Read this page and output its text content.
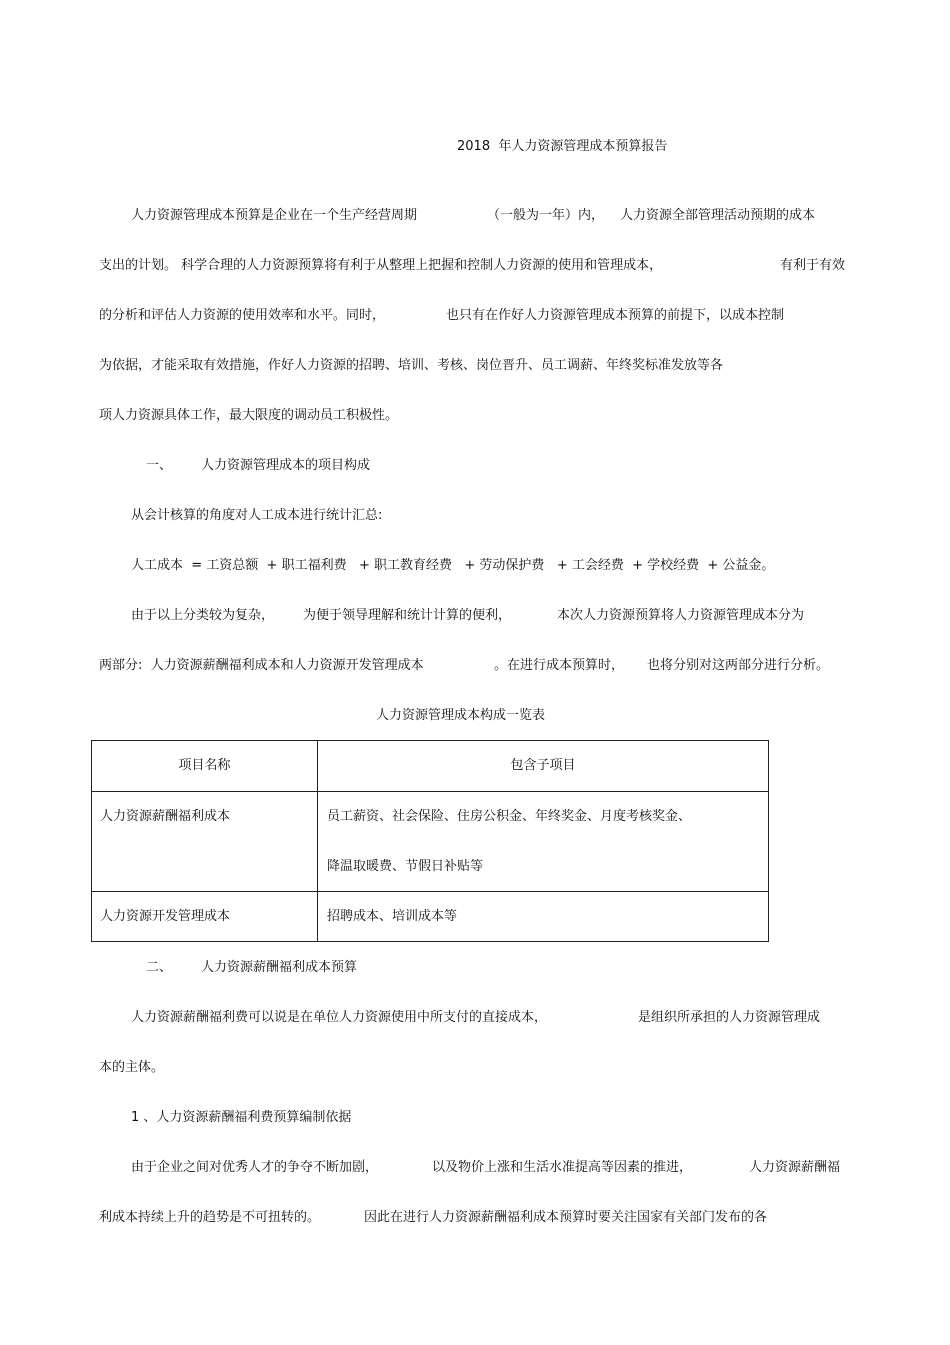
2018  年人力资源管理成本预算报告
人力资源管理成本预算是企业在一个生产经营周期	（一般为一年）内， 人力资源全部管理活动预期的成本
支出的计划。 科学合理的人力资源预算将有利于从整理上把握和控制人力资源的使用和管理成本，	有利于有效
的分析和评估人力资源的使用效率和水平。同时，	也只有在作好人力资源管理成本预算的前提下，以成本控制
为依据，才能采取有效措施，作好人力资源的招聘、培训、考核、岗位晋升、员工调薪、年终奖标准发放等各
项人力资源具体工作，最大限度的调动员工积极性。
一、 人力资源管理成本的项目构成
从会计核算的角度对人工成本进行统计汇总:
人工成本  = 工资总额  + 职工福利费   + 职工教育经费   + 劳动保护费   + 工会经费  + 学校经费  + 公益金。
由于以上分类较为复杂， 为便于领导理解和统计计算的便利，	本次人力资源预算将人力资源管理成本分为
两部分:  人力资源薪酬福利成本和人力资源开发管理成本	。在进行成本预算时， 也将分别对这两部分进行分析。
人力资源管理成本构成一览表
项目名称	包含子项目

人力资源薪酬福利成本	员工薪资、社会保险、住房公积金、年终奖金、月度考核奖金、
降温取暖费、节假日补贴等

人力资源开发管理成本	招聘成本、培训成本等
二、 人力资源薪酬福利成本预算
人力资源薪酬福利费可以说是在单位人力资源使用中所支付的直接成本，	是组织所承担的人力资源管理成
本的主体。
1 、人力资源薪酬福利费预算编制依据
由于企业之间对优秀人才的争夺不断加剧，	以及物价上涨和生活水准提高等因素的推进，	人力资源薪酬福
利成本持续上升的趋势是不可扭转的。	因此在进行人力资源薪酬福利成本预算时要关注国家有关部门发布的各
